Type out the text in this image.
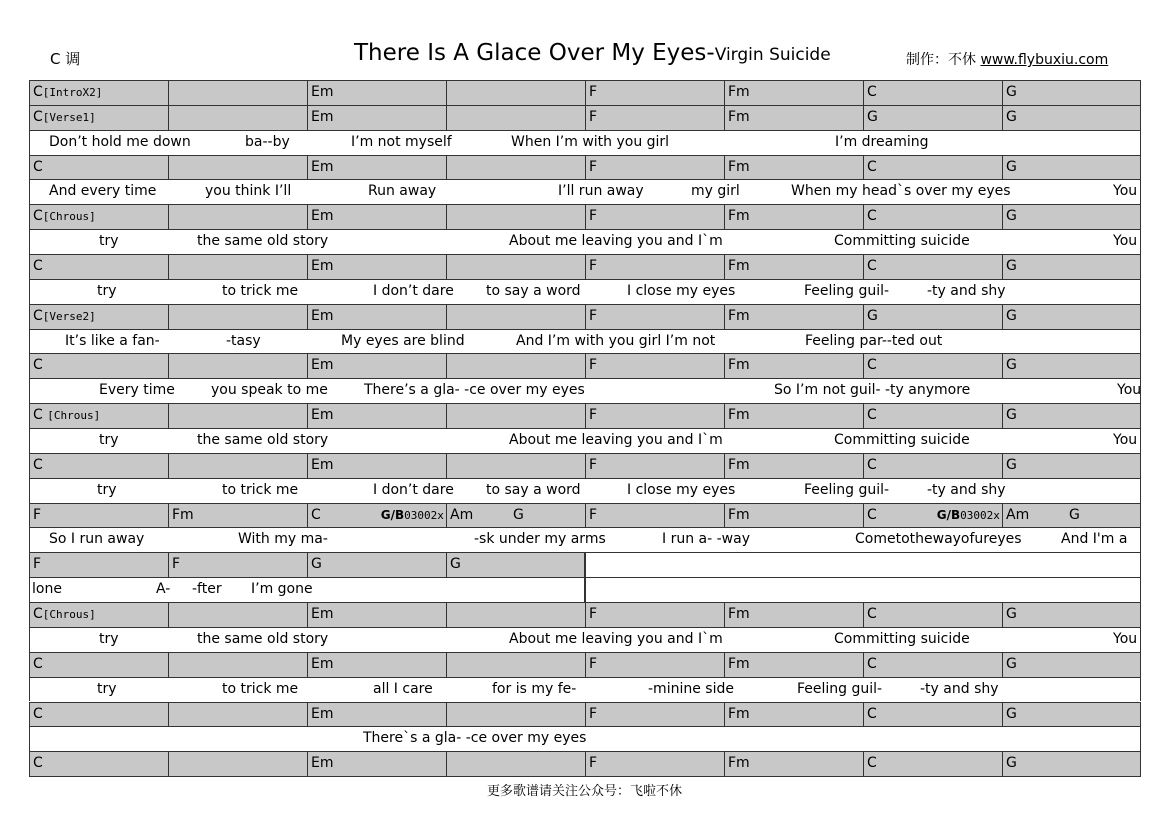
C 调	There Is A Glace Over My Eyes-Virgin Suicide	制作：不休 www.flybuxiu.com
C[IntroX2]	Em	F	Fm	C	G
C[Verse1]	Em	F	Fm	G	G
Don’t hold me down	ba--by	I’m not myself	When I’m with you girl	I’m dreaming
C	Em	F	Fm	C	G
And every time	you think I’ll	Run away	I’ll run away	my girl	When my head`s over my eyes	You
C[Chrous]	Em	F	Fm	C	G
try	the same old story	About me leaving you and I`m	Committing suicide	You
C	Em	F	Fm	C	G
try	to trick me	I don’t dare to say a word	I close my eyes	Feeling guil-	-ty and shy
C[Verse2]	Em	F	Fm	G	G
It’s like a fan-	-tasy	My eyes are blind	And I’m with you girl I’m not	Feeling par--ted out
C	Em	F	Fm	C	G
Every time	you speak to me	There’s a gla- -ce over my eyes	So I’m not guil- -ty anymore	You
C [Chrous]	Em	F	Fm	C	G
try	the same old story	About me leaving you and I`m	Committing suicide	You
C	Em	F	Fm	C	G
try	to trick me	I don’t dare to say a word	I close my eyes	Feeling guil-	-ty and shy
F	Fm	C	G/B03002x Am	G	F	Fm	C	G/B03002x Am	G
So I run away	With my ma-	-sk under my arms	I run a- -way	Cometothewayofureyes	And I'm a
F	F	G	G
lone	A- -fter I’m gone
C[Chrous]	Em	F	Fm	C	G
try	the same old story	About me leaving you and I`m	Committing suicide	You
C	Em	F	Fm	C	G
try	to trick me	all I care	for is my fe-	-minine side	Feeling guil-	-ty and shy
C	Em	F	Fm	C	G
There`s a gla- -ce over my eyes
C	Em	F	Fm	C	G
更多歌谱请关注公众号：飞啦不休
